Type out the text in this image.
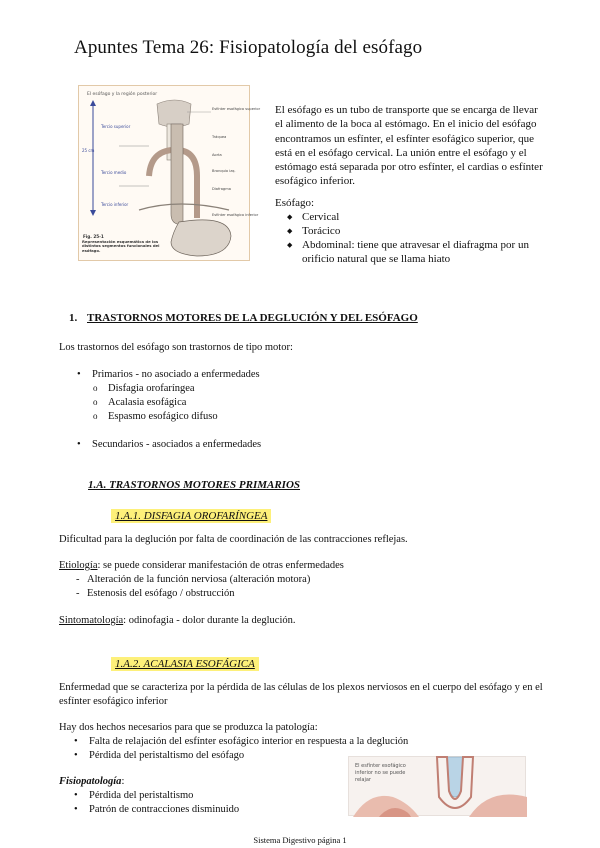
Apuntes Tema 26: Fisiopatología del esófago
El esófago y la región posterior
25 cm
Tercio superior
Tercio medio
Tercio inferior
Esfínter esofágico superior
Tráquea
Aorta
Bronquio izq.
Diafragma
Esfínter esofágico inferior
Fig. 25-1
Representación esquemática de los distintos segmentos funcionales del esófago.
El esófago es un tubo de transporte que se encarga de llevar el alimento de la boca al estómago. En el inicio del esófago encontramos un esfínter, el esfínter esofágico superior, que está en el esófago cervical. La unión entre el esófago y el estómago está separada por otro esfínter, el cardias o esfínter esofágico inferior.
Esófago:
◆ Cervical
◆ Torácico
◆ Abdominal: tiene que atravesar el diafragma por un orificio natural que se llama hiato
1. TRASTORNOS MOTORES DE LA DEGLUCIÓN Y DEL ESÓFAGO
Los trastornos del esófago son trastornos de tipo motor:
• Primarios - no asociado a enfermedades
o Disfagia orofaríngea
o Acalasia esofágica
o Espasmo esofágico difuso
• Secundarios - asociados a enfermedades
1.A. TRASTORNOS MOTORES PRIMARIOS
1.A.1. DISFAGIA OROFARÍNGEA
Dificultad para la deglución por falta de coordinación de las contracciones reflejas.
Etiología: se puede considerar manifestación de otras enfermedades
- Alteración de la función nerviosa (alteración motora)
- Estenosis del esófago / obstrucción
Sintomatología: odinofagia - dolor durante la deglución.
1.A.2. ACALASIA ESOFÁGICA
Enfermedad que se caracteriza por la pérdida de las células de los plexos nerviosos en el cuerpo del esófago y en el esfínter esofágico inferior
Hay dos hechos necesarios para que se produzca la patología:
• Falta de relajación del esfínter esofágico interior en respuesta a la deglución
• Pérdida del peristaltismo del esófago
Fisiopatología:
• Pérdida del peristaltismo
• Patrón de contracciones disminuido
El esfínter esofágico
inferior no se puede
relajar
Sistema Digestivo página 1
